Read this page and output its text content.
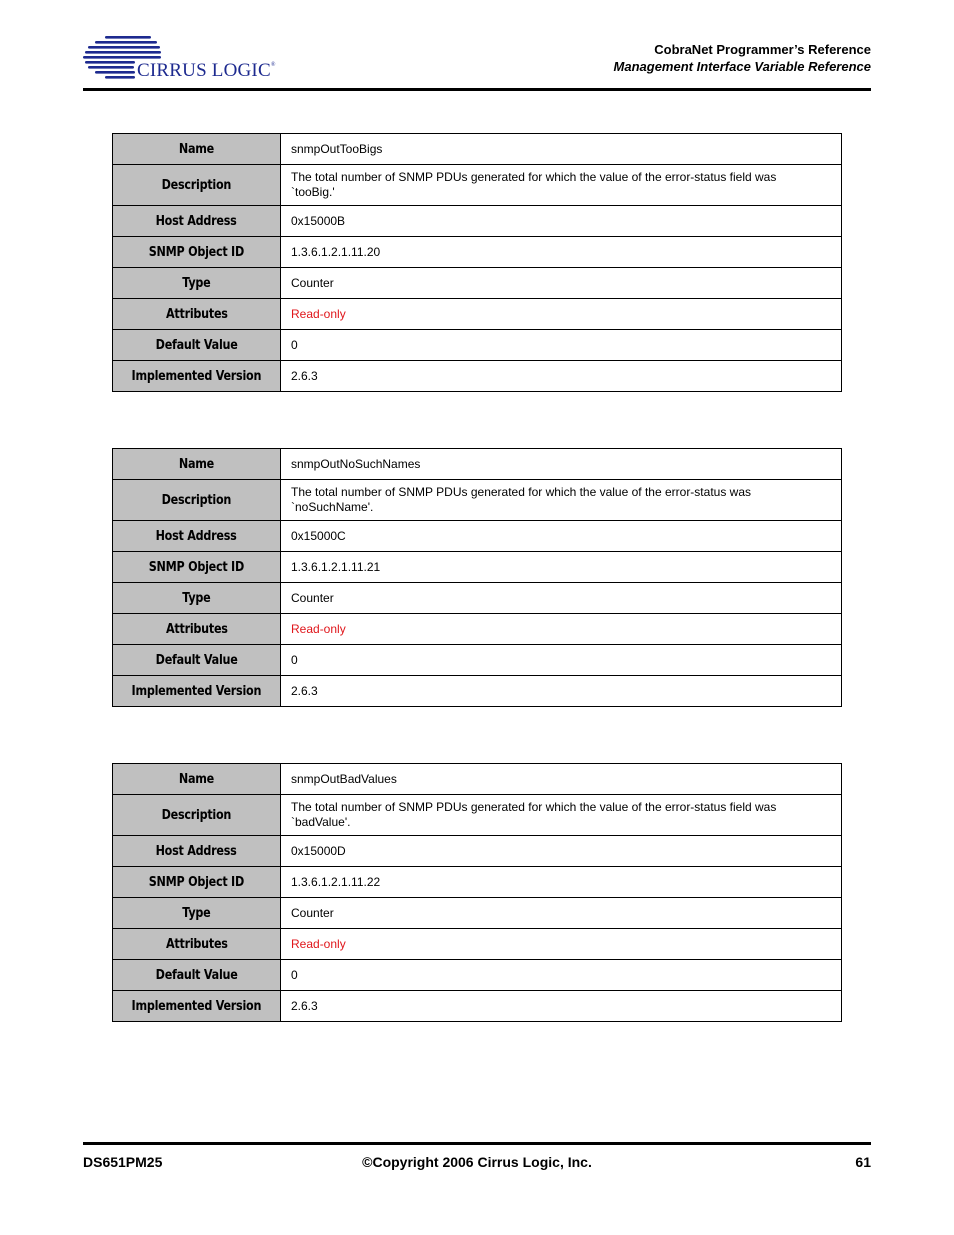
CIRRUS LOGIC®
CobraNet Programmer’s Reference
Management Interface Variable Reference
Name	snmpOutTooBigs
Description	The total number of SNMP PDUs generated for which the value of the error-status field was `tooBig.'
Host Address	0x15000B
SNMP Object ID	1.3.6.1.2.1.11.20
Type	Counter
Attributes	Read-only
Default Value	0
Implemented Version	2.6.3
Name	snmpOutNoSuchNames
Description	The total number of SNMP PDUs generated for which the value of the error-status was `noSuchName'.
Host Address	0x15000C
SNMP Object ID	1.3.6.1.2.1.11.21
Type	Counter
Attributes	Read-only
Default Value	0
Implemented Version	2.6.3
Name	snmpOutBadValues
Description	The total number of SNMP PDUs generated for which the value of the error-status field was `badValue'.
Host Address	0x15000D
SNMP Object ID	1.3.6.1.2.1.11.22
Type	Counter
Attributes	Read-only
Default Value	0
Implemented Version	2.6.3
DS651PM25	©Copyright 2006 Cirrus Logic, Inc.	61
